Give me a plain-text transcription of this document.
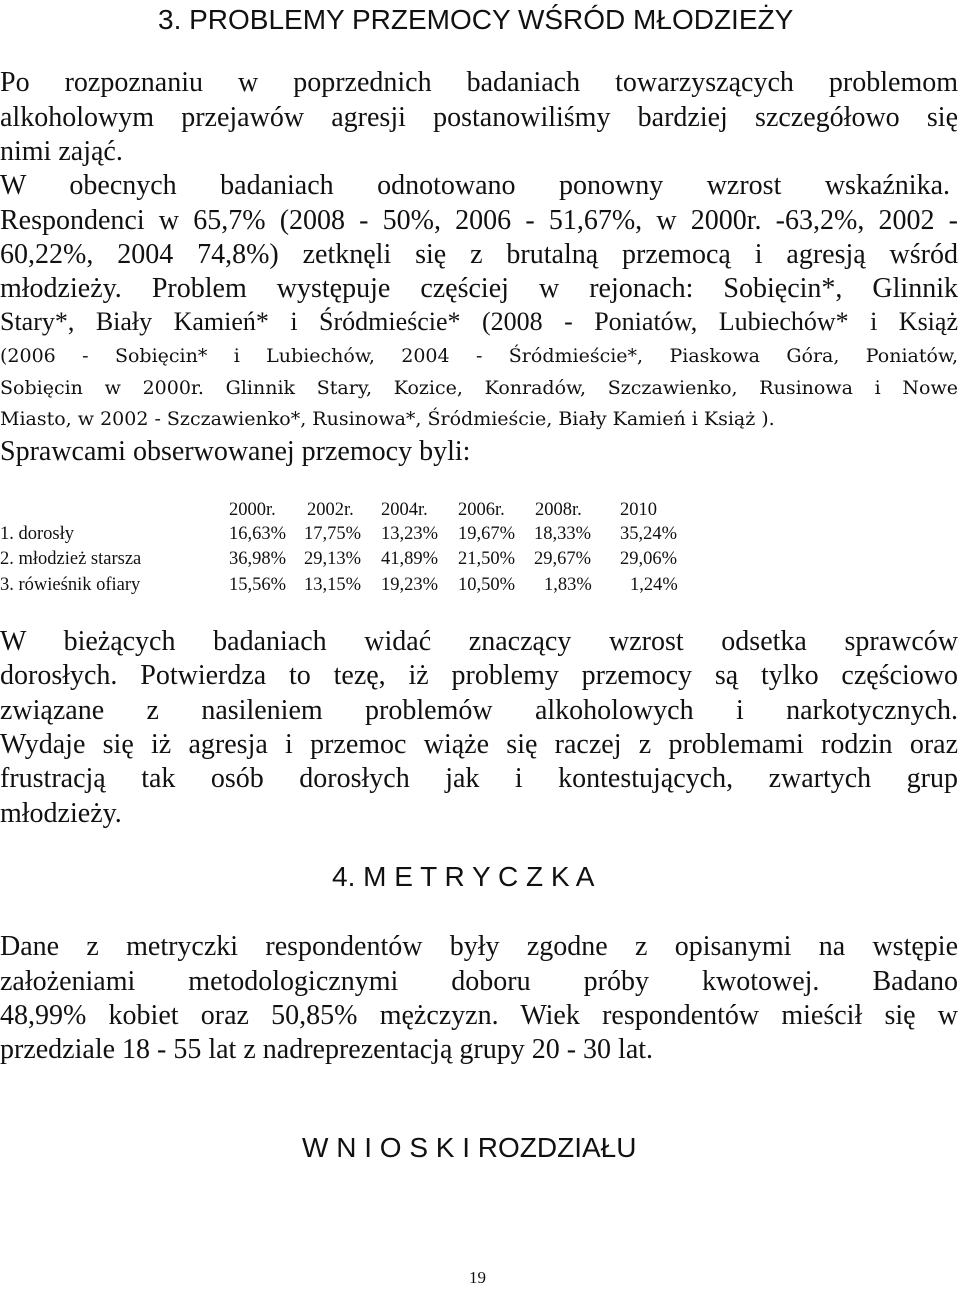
3. PROBLEMY PRZEMOCY WŚRÓD MŁODZIEŻY
Po rozpoznaniu w poprzednich badaniach towarzyszących problemom
alkoholowym przejawów agresji postanowiliśmy bardziej szczegółowo się
nimi zająć.
W obecnych badaniach odnotowano ponowny wzrost wskaźnika.
Respondenci w 65,7% (2008 - 50%, 2006 - 51,67%, w 2000r. -63,2%, 2002 -
60,22%, 2004 74,8%) zetknęli się z brutalną przemocą i agresją wśród
młodzieży. Problem występuje częściej w rejonach: Sobięcin*, Glinnik
Stary*, Biały Kamień* i Śródmieście* (2008 - Poniatów, Lubiechów* i Książ
(2006 - Sobięcin* i Lubiechów, 2004 - Śródmieście*, Piaskowa Góra, Poniatów,
Sobięcin w 2000r. Glinnik Stary, Kozice, Konradów, Szczawienko, Rusinowa i Nowe
Miasto, w 2002 - Szczawienko*, Rusinowa*, Śródmieście, Biały Kamień i Książ ).
Sprawcami obserwowanej przemocy byli:
2000r. 2002r. 2004r. 2006r. 2008r. 2010
1. dorosły	16,63% 17,75% 13,23% 19,67% 18,33% 35,24%
2. młodzież starsza	36,98% 29,13% 41,89% 21,50% 29,67% 29,06%
3. rówieśnik ofiary	15,56% 13,15% 19,23% 10,50% 1,83% 1,24%
W bieżących badaniach widać znaczący wzrost odsetka sprawców
dorosłych. Potwierdza to tezę, iż problemy przemocy są tylko częściowo
związane z nasileniem problemów alkoholowych i narkotycznych.
Wydaje się iż agresja i przemoc wiąże się raczej z problemami rodzin oraz
frustracją tak osób dorosłych jak i kontestujących, zwartych grup
młodzieży.
4. M E T R Y C Z K A
Dane z metryczki respondentów były zgodne z opisanymi na wstępie
założeniami metodologicznymi doboru próby kwotowej. Badano
48,99% kobiet oraz 50,85% mężczyzn. Wiek respondentów mieścił się w
przedziale 18 - 55 lat z nadreprezentacją grupy 20 - 30 lat.
W N I O S K I ROZDZIAŁU
19
